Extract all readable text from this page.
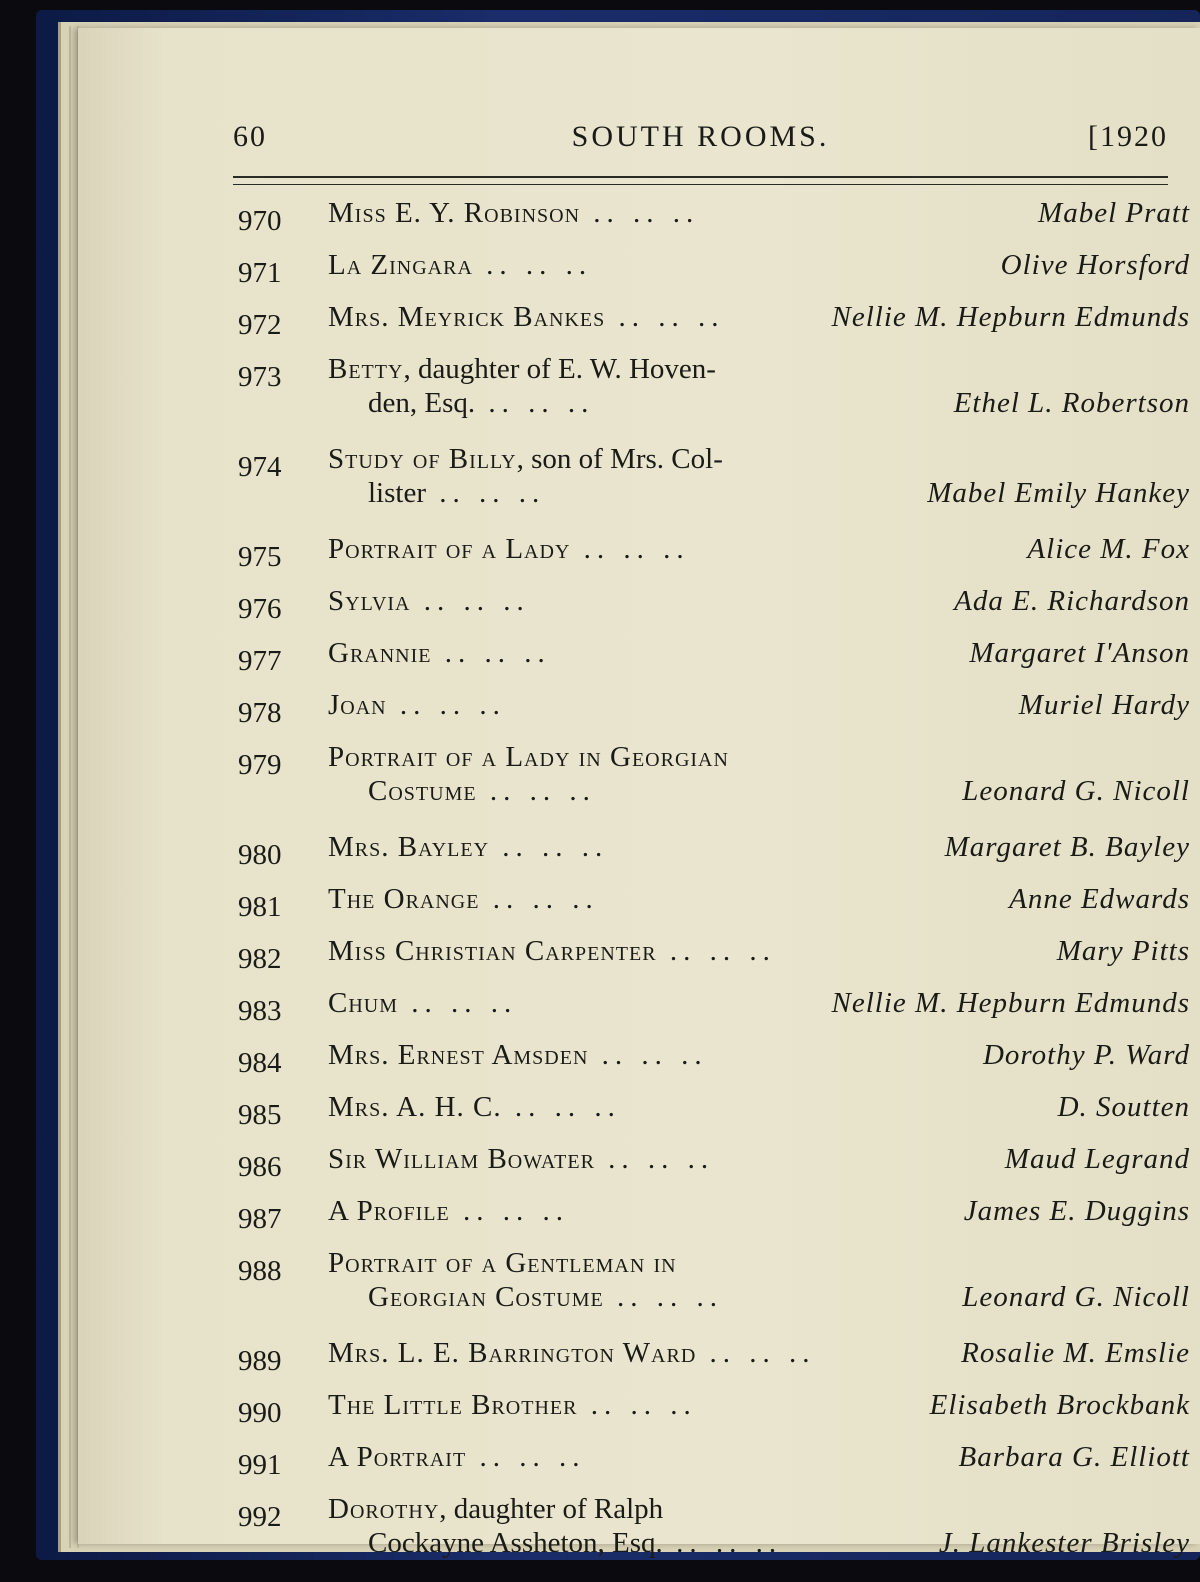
60	SOUTH ROOMS.	[1920
970 Miss E. Y. Robinson .. .. ..	Mabel Pratt
971 La Zingara .. .. ..	Olive Horsford
972 Mrs. Meyrick Bankes .. .. ..	Nellie M. Hepburn Edmunds
973 Betty, daughter of E. W. Hoven-
den, Esq. .. .. ..	Ethel L. Robertson
974 Study of Billy, son of Mrs. Col-
lister .. .. ..	Mabel Emily Hankey
975 Portrait of a Lady .. .. ..	Alice M. Fox
976 Sylvia .. .. ..	Ada E. Richardson
977 Grannie .. .. ..	Margaret I'Anson
978 Joan .. .. ..	Muriel Hardy
979 Portrait of a Lady in Georgian
Costume .. .. ..	Leonard G. Nicoll
980 Mrs. Bayley .. .. ..	Margaret B. Bayley
981 The Orange .. .. ..	Anne Edwards
982 Miss Christian Carpenter .. .. ..	Mary Pitts
983 Chum .. .. ..	Nellie M. Hepburn Edmunds
984 Mrs. Ernest Amsden .. .. ..	Dorothy P. Ward
985 Mrs. A. H. C. .. .. ..	D. Soutten
986 Sir William Bowater .. .. ..	Maud Legrand
987 A Profile .. .. ..	James E. Duggins
988 Portrait of a Gentleman in
Georgian Costume .. .. ..	Leonard G. Nicoll
989 Mrs. L. E. Barrington Ward .. .. ..	Rosalie M. Emslie
990 The Little Brother .. .. ..	Elisabeth Brockbank
991 A Portrait .. .. ..	Barbara G. Elliott
992 Dorothy, daughter of Ralph
Cockayne Assheton, Esq. .. .. ..	J. Lankester Brisley
